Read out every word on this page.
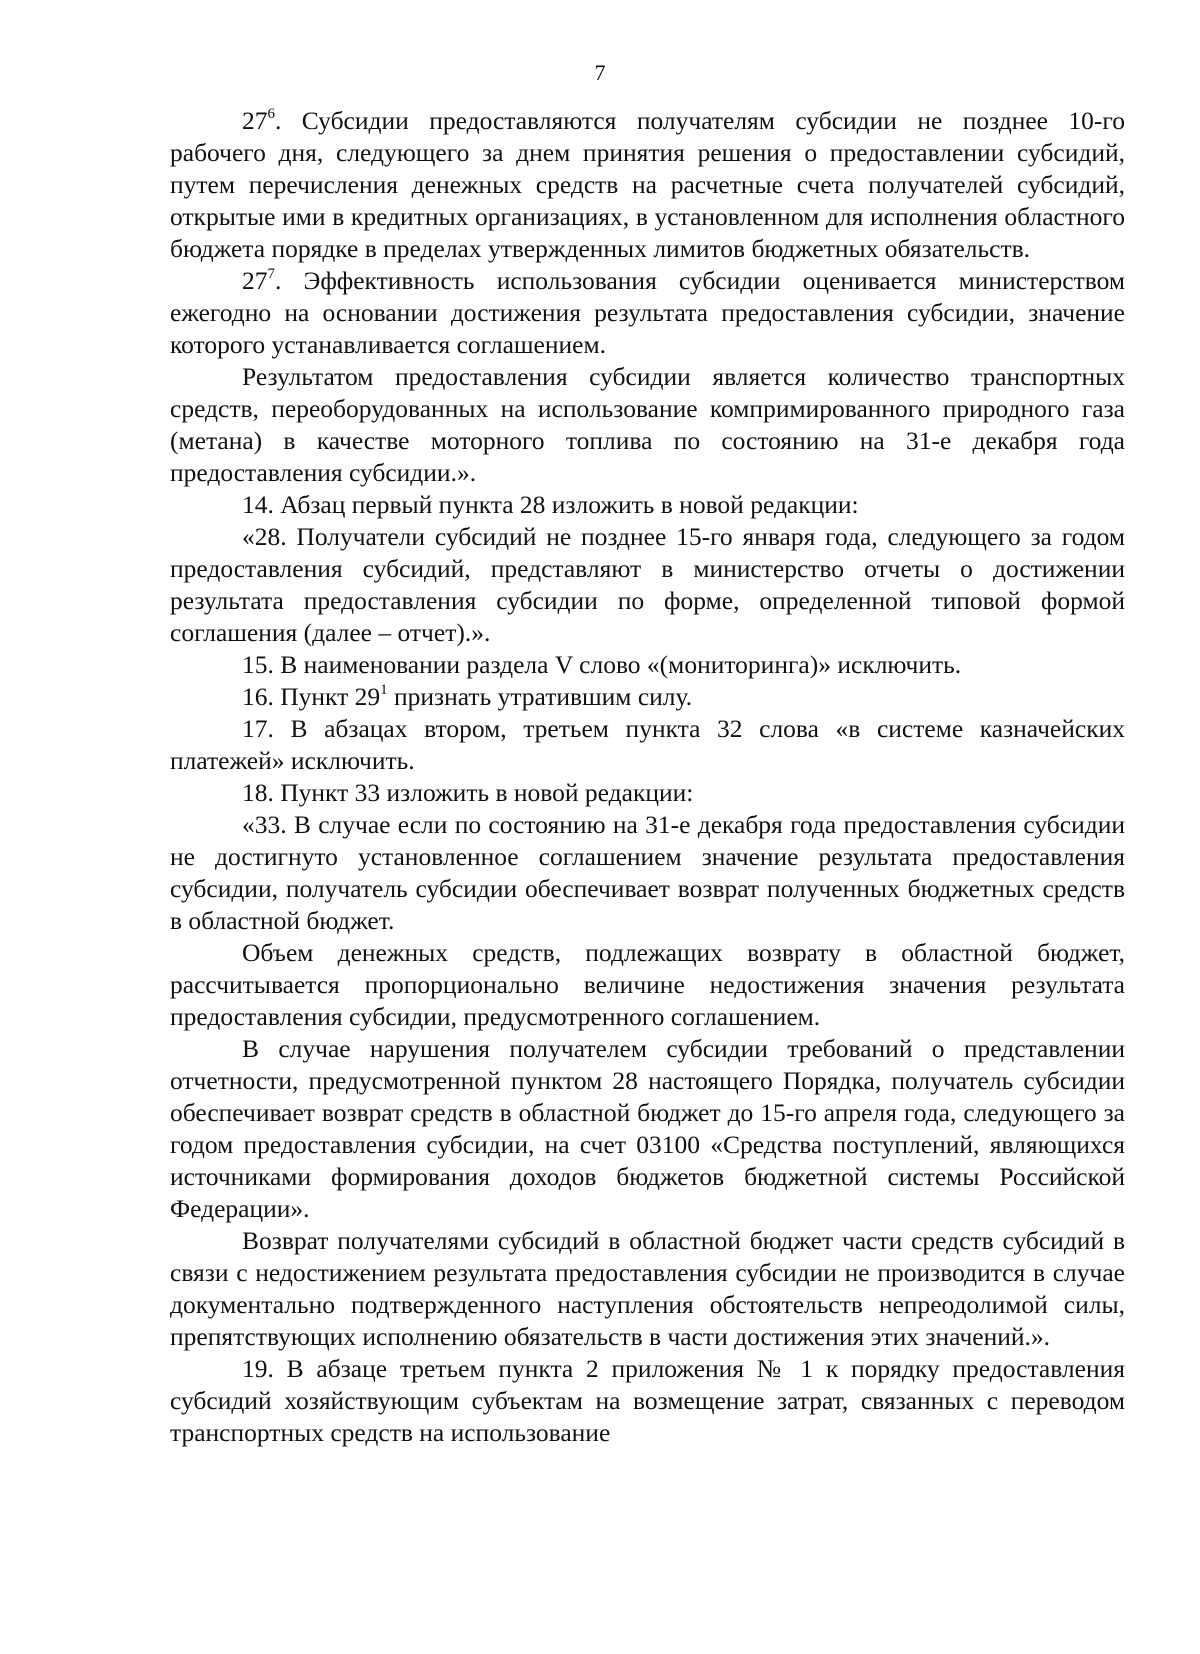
7

$27^6$. Субсидии предоставляются получателям субсидии не позднее 10-го рабочего дня, следующего за днем принятия решения о предоставлении субсидий, путем перечисления денежных средств на расчетные счета получателей субсидий, открытые ими в кредитных организациях, в установленном для исполнения областного бюджета порядке в пределах утвержденных лимитов бюджетных обязательств.

$27^7$. Эффективность использования субсидии оценивается министерством ежегодно на основании достижения результата предоставления субсидии, значение которого устанавливается соглашением.

Результатом предоставления субсидии является количество транспортных средств, переоборудованных на использование компримированного природного газа (метана) в качестве моторного топлива по состоянию на 31-е декабря года предоставления субсидии.».

14. Абзац первый пункта 28 изложить в новой редакции:

«28. Получатели субсидий не позднее 15-го января года, следующего за годом предоставления субсидий, представляют в министерство отчеты о достижении результата предоставления субсидии по форме, определенной типовой формой соглашения (далее – отчет).».

15. В наименовании раздела V слово «(мониторинга)» исключить.

16. Пункт $29^1$ признать утратившим силу.

17. В абзацах втором, третьем пункта 32 слова «в системе казначейских платежей» исключить.

18. Пункт 33 изложить в новой редакции:

«33. В случае если по состоянию на 31-е декабря года предоставления субсидии не достигнуто установленное соглашением значение результата предоставления субсидии, получатель субсидии обеспечивает возврат полученных бюджетных средств в областной бюджет.

Объем денежных средств, подлежащих возврату в областной бюджет, рассчитывается пропорционально величине недостижения значения результата предоставления субсидии, предусмотренного соглашением.

В случае нарушения получателем субсидии требований о представлении отчетности, предусмотренной пунктом 28 настоящего Порядка, получатель субсидии обеспечивает возврат средств в областной бюджет до 15-го апреля года, следующего за годом предоставления субсидии, на счет 03100 «Средства поступлений, являющихся источниками формирования доходов бюджетов бюджетной системы Российской Федерации».

Возврат получателями субсидий в областной бюджет части средств субсидий в связи с недостижением результата предоставления субсидии не производится в случае документально подтвержденного наступления обстоятельств непреодолимой силы, препятствующих исполнению обязательств в части достижения этих значений.».

19. В абзаце третьем пункта 2 приложения № 1 к порядку предоставления субсидий хозяйствующим субъектам на возмещение затрат, связанных с переводом транспортных средств на использование
